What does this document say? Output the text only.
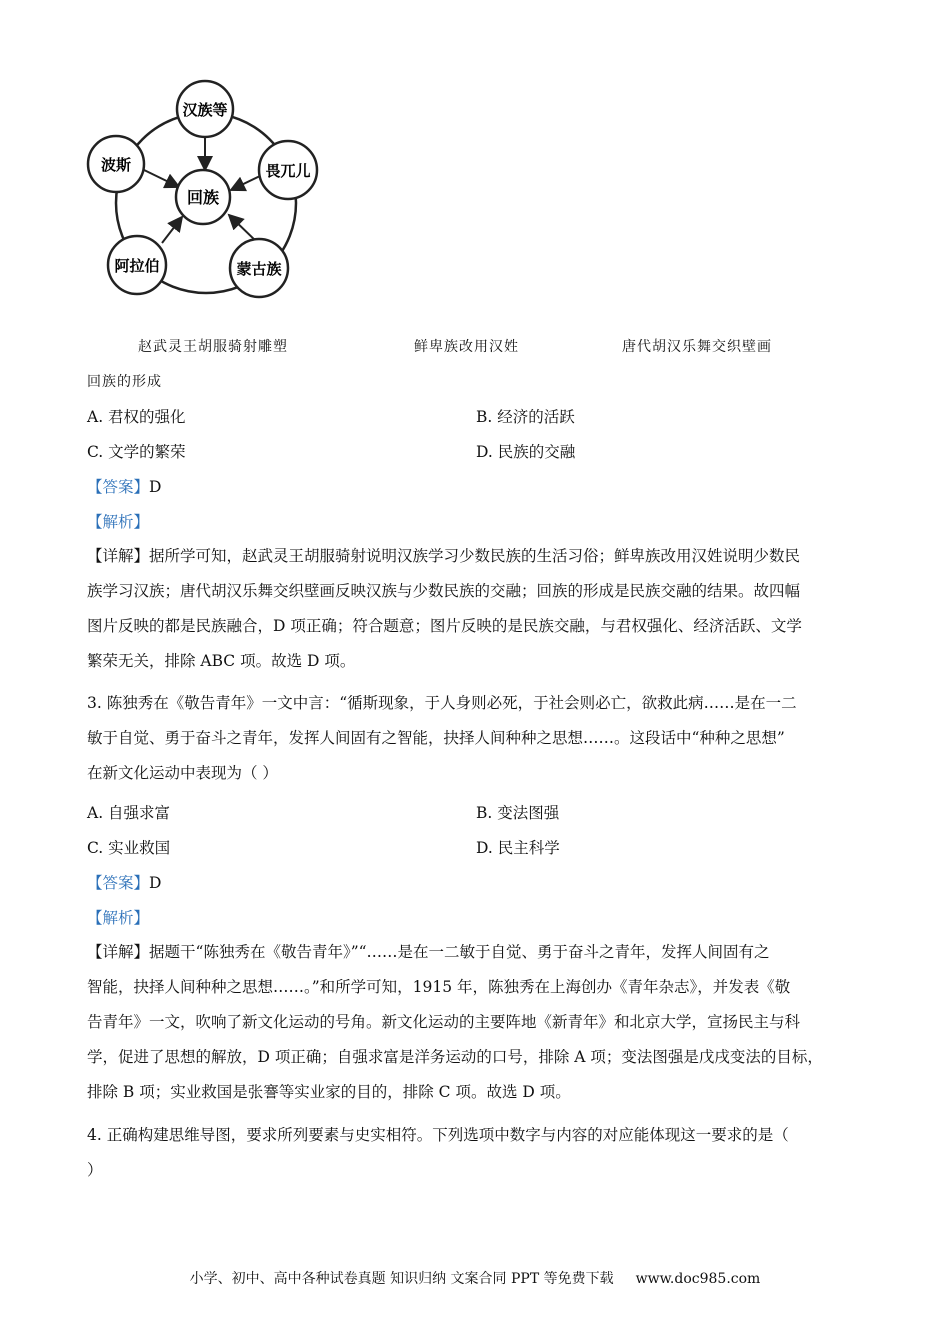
回族
汉族等
畏兀儿
蒙古族
阿拉伯
波斯
赵武灵王胡服骑射雕塑	鲜卑族改用汉姓	唐代胡汉乐舞交织壁画
回族的形成
A. 君权的强化	B. 经济的活跃
C. 文学的繁荣	D. 民族的交融
【答案】D
【解析】
【详解】据所学可知，赵武灵王胡服骑射说明汉族学习少数民族的生活习俗；鲜卑族改用汉姓说明少数民
族学习汉族；唐代胡汉乐舞交织壁画反映汉族与少数民族的交融；回族的形成是民族交融的结果。故四幅
图片反映的都是民族融合，D 项正确；符合题意；图片反映的是民族交融，与君权强化、经济活跃、文学
繁荣无关，排除 ABC 项。故选 D 项。
3. 陈独秀在《敬告青年》一文中言：“循斯现象，于人身则必死，于社会则必亡，欲救此病……是在一二
敏于自觉、勇于奋斗之青年，发挥人间固有之智能，抉择人间种种之思想……。这段话中“种种之思想”
在新文化运动中表现为（ ）
A. 自强求富	B. 变法图强
C. 实业救国	D. 民主科学
【答案】D
【解析】
【详解】据题干“陈独秀在《敬告青年》”“……是在一二敏于自觉、勇于奋斗之青年，发挥人间固有之
智能，抉择人间种种之思想……。”和所学可知，1915 年，陈独秀在上海创办《青年杂志》，并发表《敬
告青年》一文，吹响了新文化运动的号角。新文化运动的主要阵地《新青年》和北京大学，宣扬民主与科
学，促进了思想的解放，D 项正确；自强求富是洋务运动的口号，排除 A 项；变法图强是戊戌变法的目标，
排除 B 项；实业救国是张謇等实业家的目的，排除 C 项。故选 D 项。
4. 正确构建思维导图，要求所列要素与史实相符。下列选项中数字与内容的对应能体现这一要求的是（
）
小学、初中、高中各种试卷真题 知识归纳 文案合同 PPT 等免费下载 www.doc985.com
